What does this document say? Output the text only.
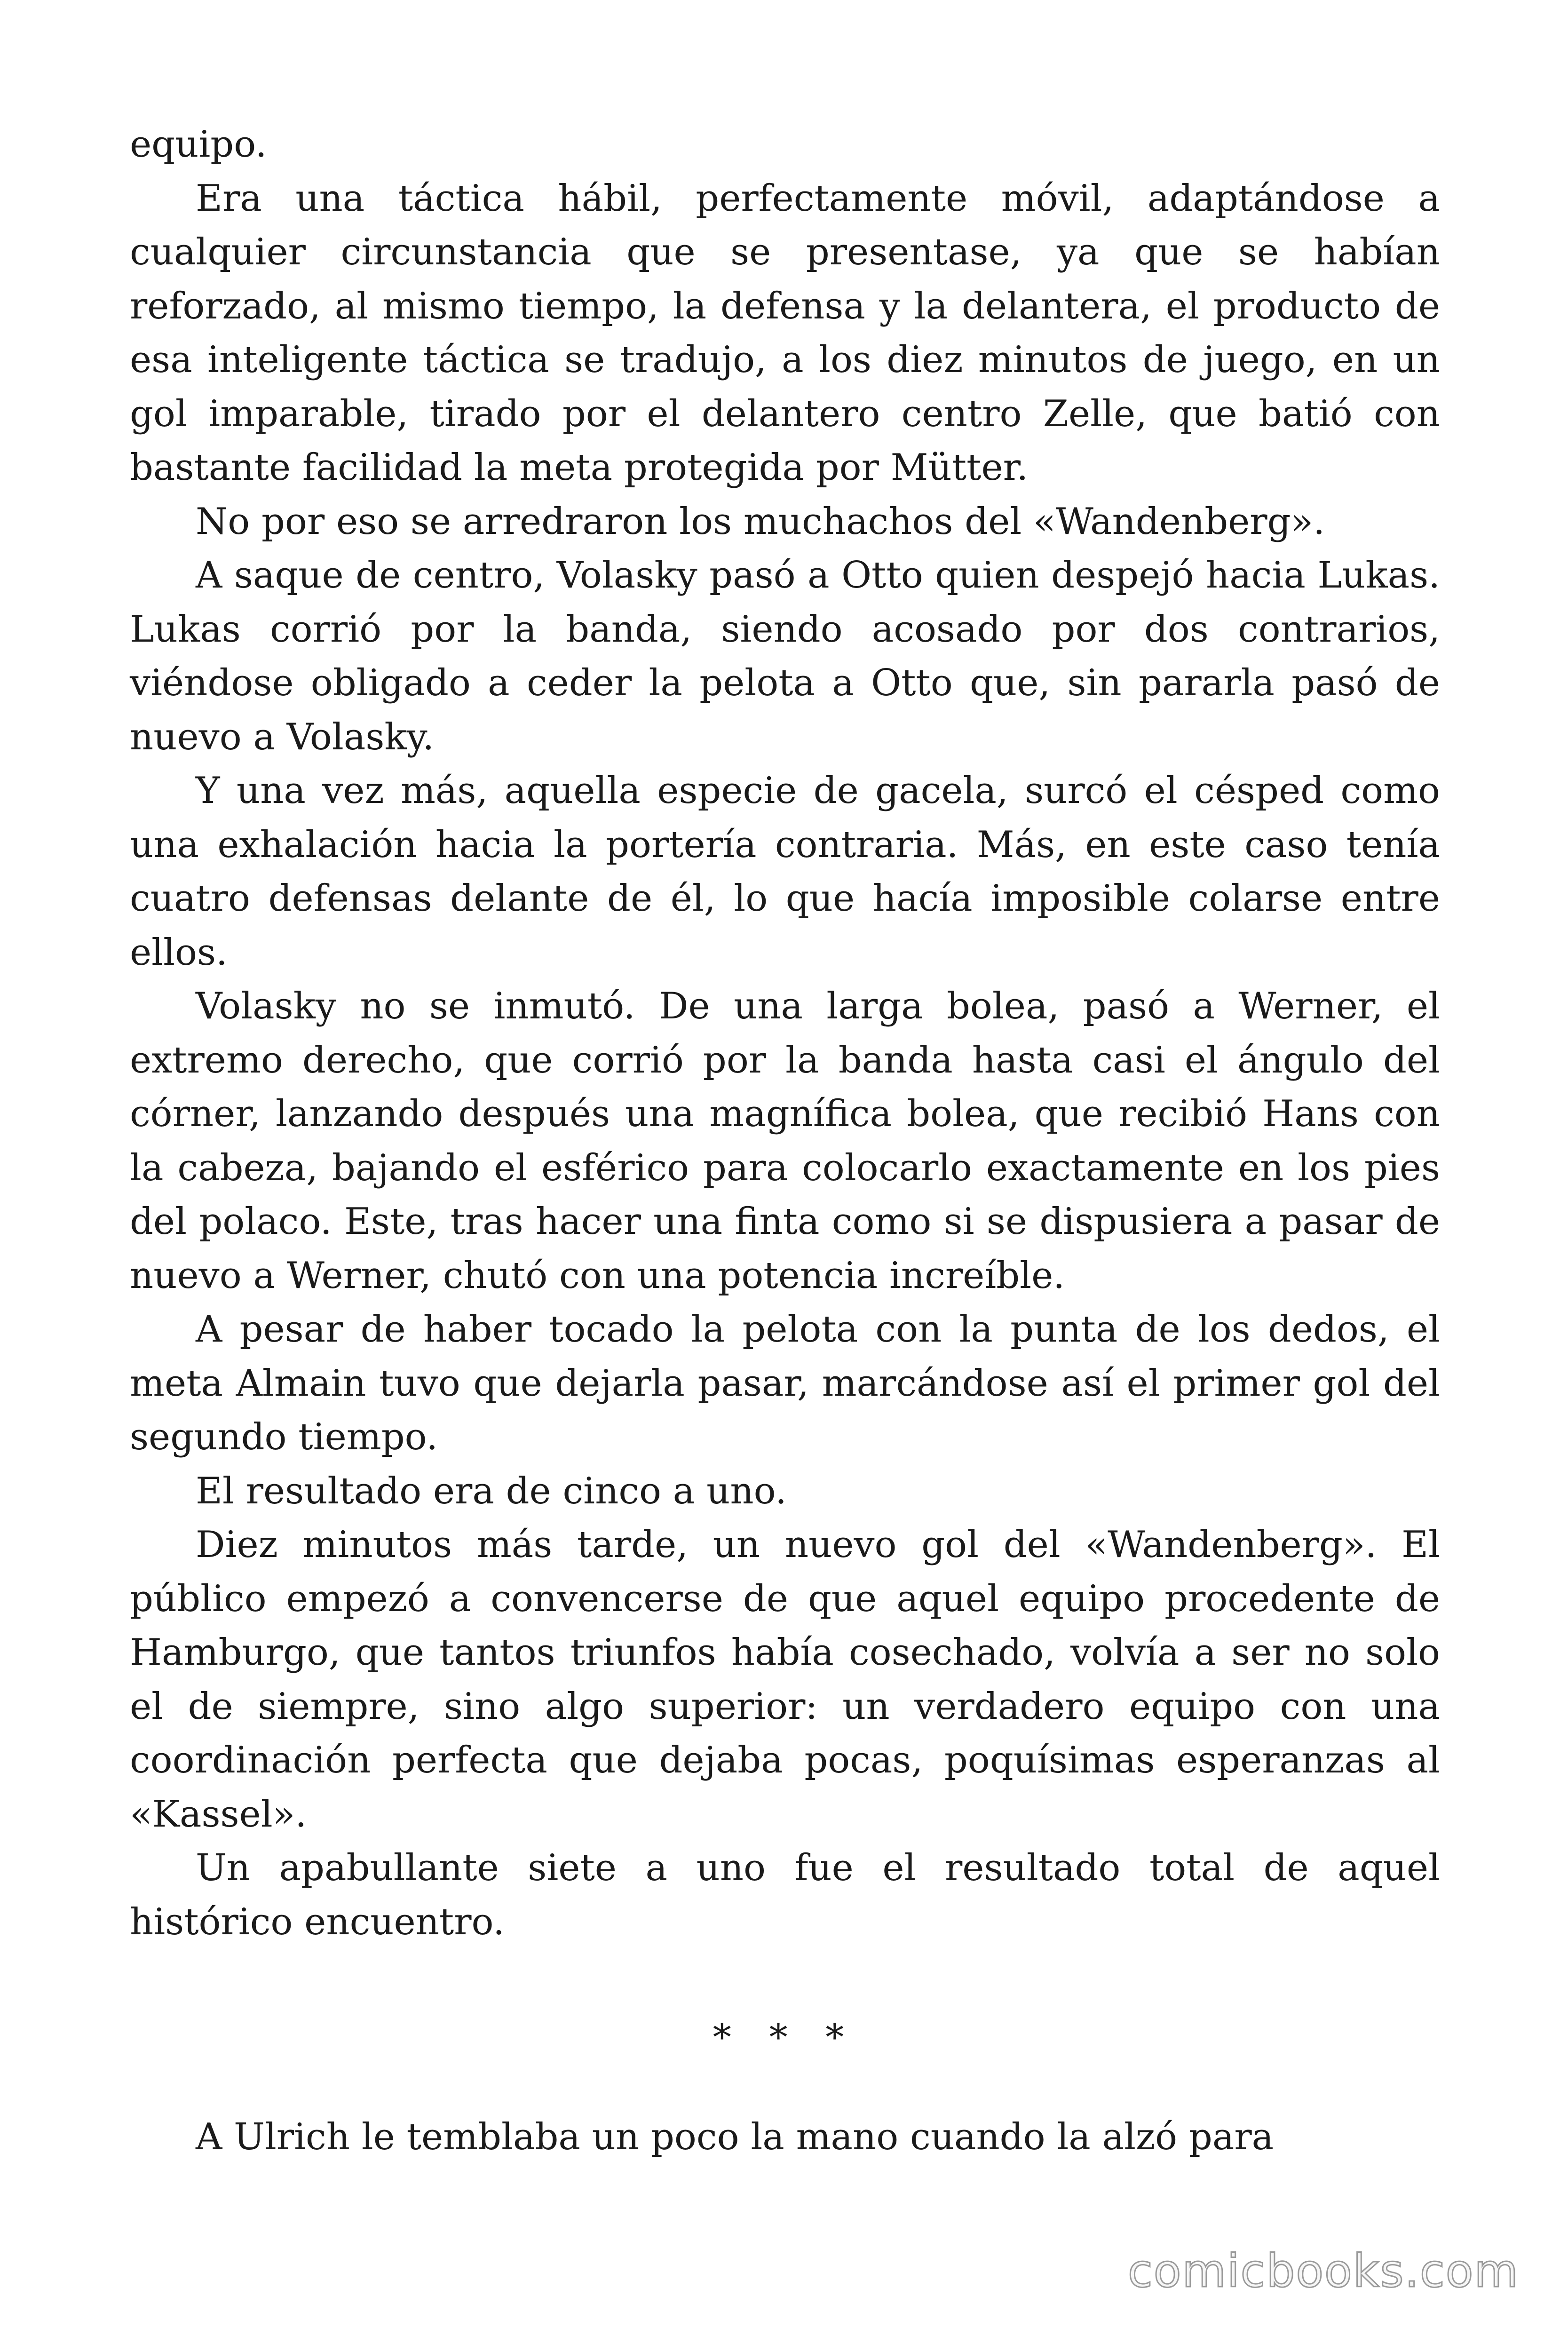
equipo.

Era una táctica hábil, perfectamente móvil, adaptándose a cualquier circunstancia que se presentase, ya que se habían reforzado, al mismo tiempo, la defensa y la delantera, el producto de esa inteligente táctica se tradujo, a los diez minutos de juego, en un gol imparable, tirado por el delantero centro Zelle, que batió con bastante facilidad la meta protegida por Mütter.

No por eso se arredraron los muchachos del «Wandenberg».

A saque de centro, Volasky pasó a Otto quien despejó hacia Lukas. Lukas corrió por la banda, siendo acosado por dos contrarios, viéndose obligado a ceder la pelota a Otto que, sin pararla pasó de nuevo a Volasky.

Y una vez más, aquella especie de gacela, surcó el césped como una exhalación hacia la portería contraria. Más, en este caso tenía cuatro defensas delante de él, lo que hacía imposible colarse entre ellos.

Volasky no se inmutó. De una larga bolea, pasó a Werner, el extremo derecho, que corrió por la banda hasta casi el ángulo del córner, lanzando después una magnífica bolea, que recibió Hans con la cabeza, bajando el esférico para colocarlo exactamente en los pies del polaco. Este, tras hacer una finta como si se dispusiera a pasar de nuevo a Werner, chutó con una potencia increíble.

A pesar de haber tocado la pelota con la punta de los dedos, el meta Almain tuvo que dejarla pasar, marcándose así el primer gol del segundo tiempo.

El resultado era de cinco a uno.

Diez minutos más tarde, un nuevo gol del «Wandenberg». El público empezó a convencerse de que aquel equipo procedente de Hamburgo, que tantos triunfos había cosechado, volvía a ser no solo el de siempre, sino algo superior: un verdadero equipo con una coordinación perfecta que dejaba pocas, poquísimas esperanzas al «Kassel».

Un apabullante siete a uno fue el resultado total de aquel histórico encuentro.

* * *

A Ulrich le temblaba un poco la mano cuando la alzó para

comicbooks.com
